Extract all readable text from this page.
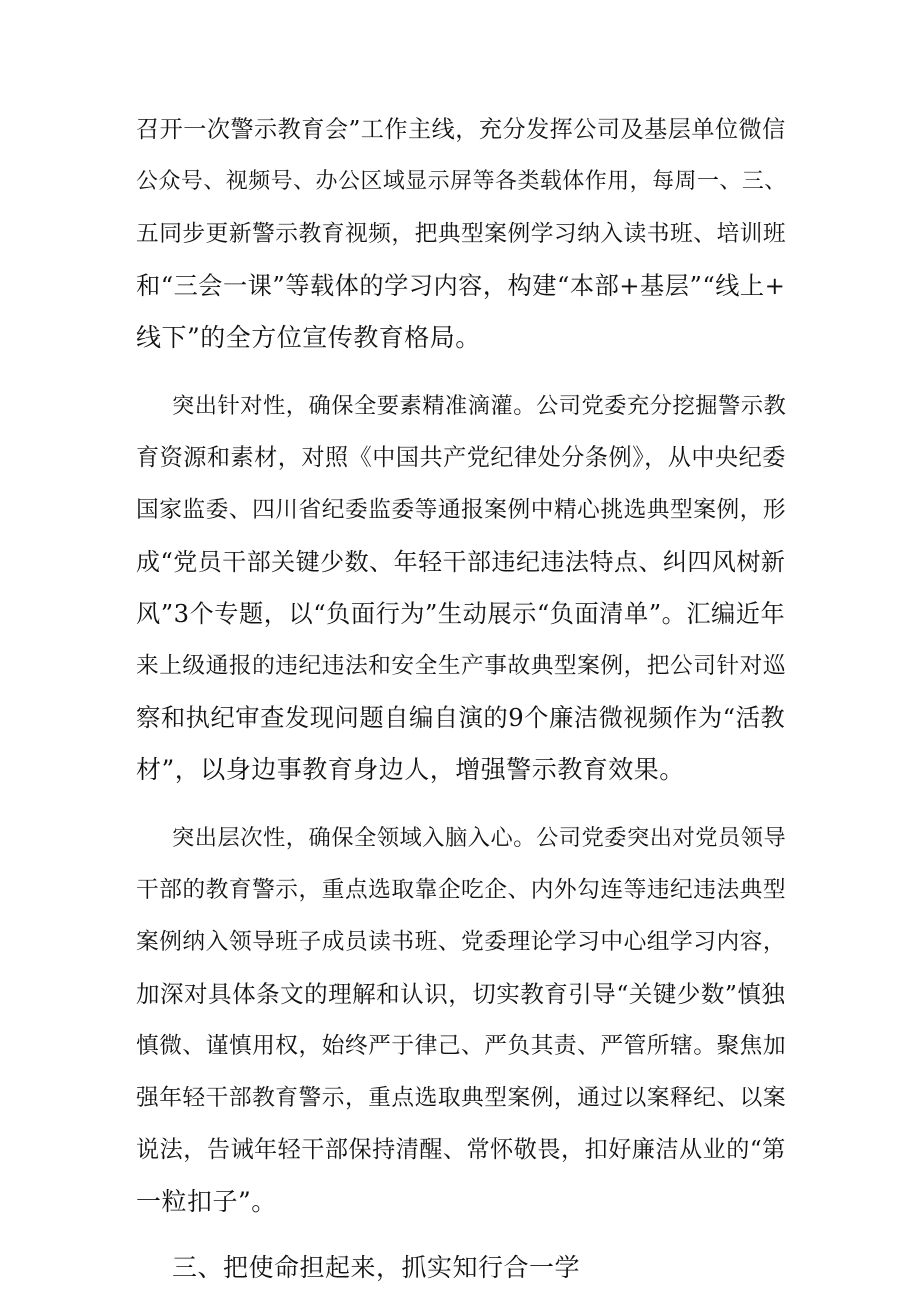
召开一次警示教育会”工作主线，充分发挥公司及基层单位微信
公众号、视频号、办公区域显示屏等各类载体作用，每周一、三、
五同步更新警示教育视频，把典型案例学习纳入读书班、培训班
和“三会一课”等载体的学习内容，构建“本部+基层”“线上+
线下”的全方位宣传教育格局。
突出针对性，确保全要素精准滴灌。公司党委充分挖掘警示教
育资源和素材，对照《中国共产党纪律处分条例》，从中央纪委
国家监委、四川省纪委监委等通报案例中精心挑选典型案例，形
成“党员干部关键少数、年轻干部违纪违法特点、纠四风树新
风”3个专题，以“负面行为”生动展示“负面清单”。汇编近年
来上级通报的违纪违法和安全生产事故典型案例，把公司针对巡
察和执纪审查发现问题自编自演的9个廉洁微视频作为“活教
材”，以身边事教育身边人，增强警示教育效果。
突出层次性，确保全领域入脑入心。公司党委突出对党员领导
干部的教育警示，重点选取靠企吃企、内外勾连等违纪违法典型
案例纳入领导班子成员读书班、党委理论学习中心组学习内容，
加深对具体条文的理解和认识，切实教育引导“关键少数”慎独
慎微、谨慎用权，始终严于律己、严负其责、严管所辖。聚焦加
强年轻干部教育警示，重点选取典型案例，通过以案释纪、以案
说法，告诫年轻干部保持清醒、常怀敬畏，扣好廉洁从业的“第
一粒扣子”。
三、把使命担起来，抓实知行合一学
